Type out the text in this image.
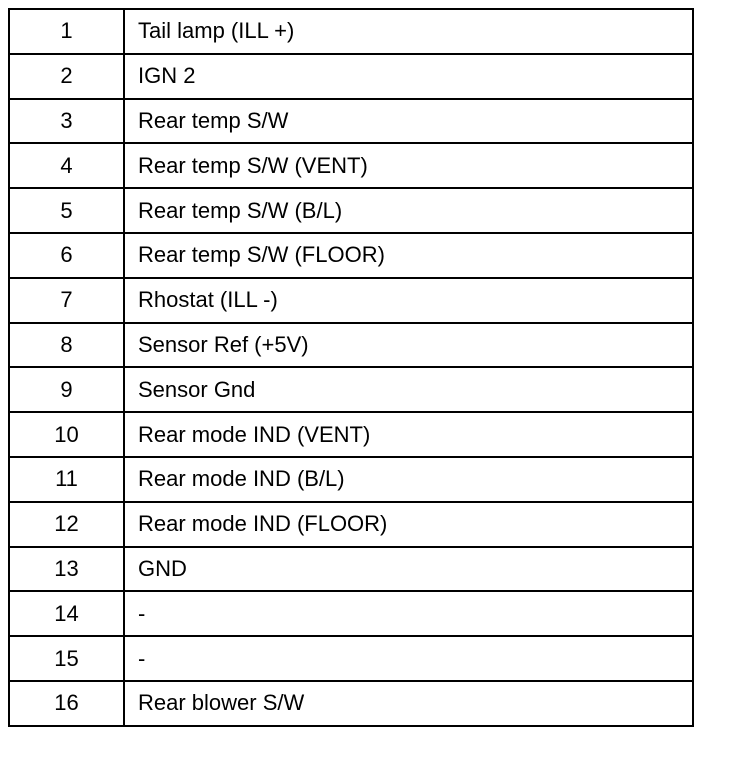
1	Tail lamp (ILL +)
2	IGN 2
3	Rear temp S/W
4	Rear temp S/W (VENT)
5	Rear temp S/W (B/L)
6	Rear temp S/W (FLOOR)
7	Rhostat (ILL -)
8	Sensor Ref (+5V)
9	Sensor Gnd
10	Rear mode IND (VENT)
11	Rear mode IND (B/L)
12	Rear mode IND (FLOOR)
13	GND
14	-
15	-
16	Rear blower S/W
